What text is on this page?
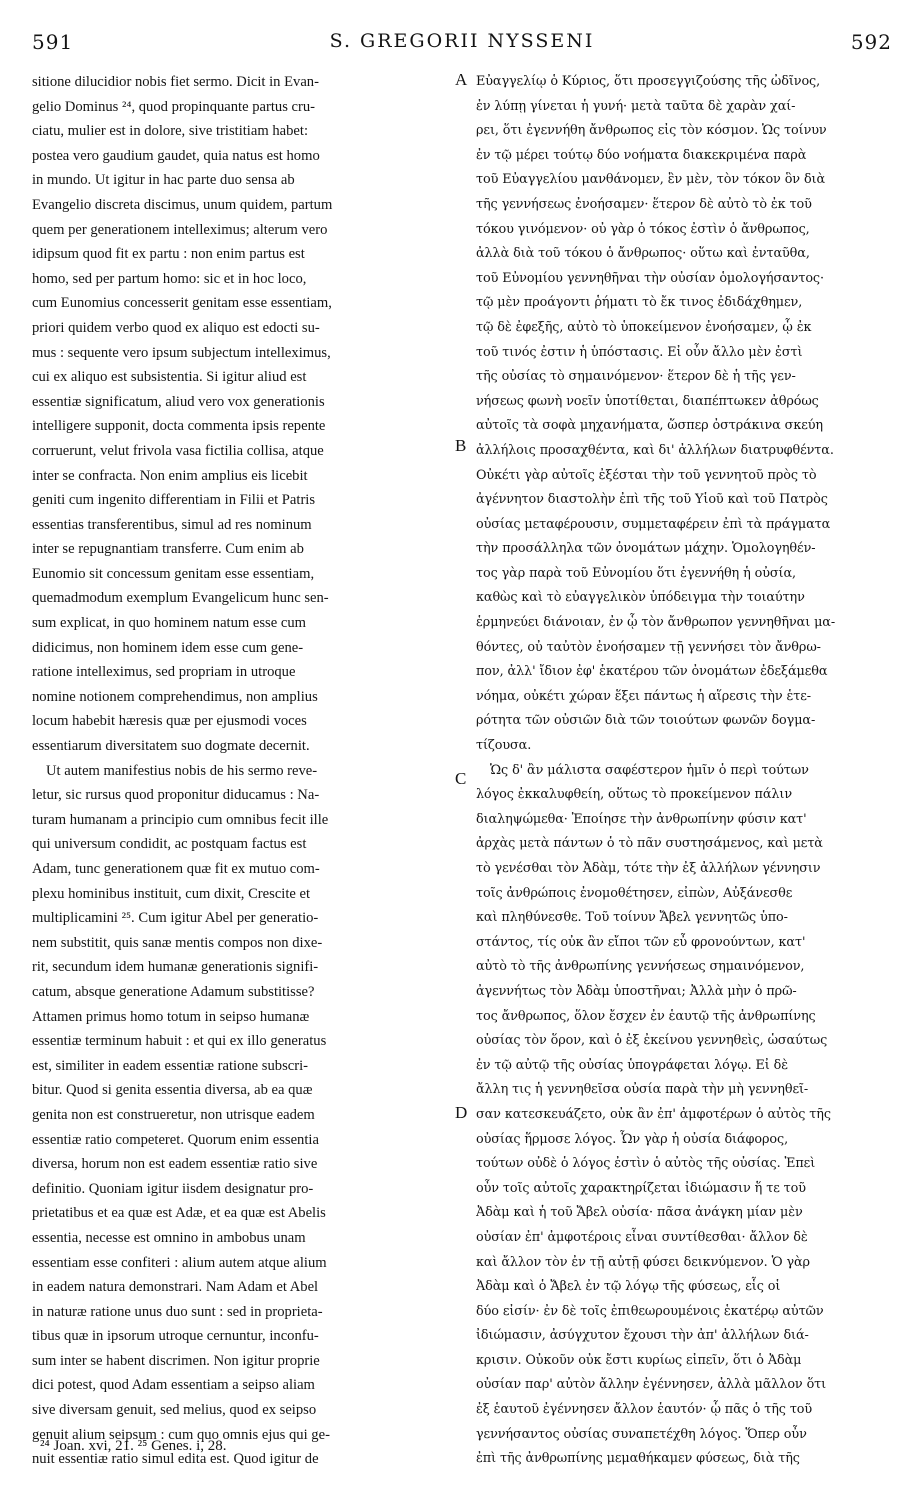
591	S. GREGORII NYSSENI	592
sitione dilucidior nobis fiet sermo. Dicit in Evan-
gelio Dominus ²⁴, quod propinquante partus cru-
ciatu, mulier est in dolore, sive tristitiam habet:
postea vero gaudium gaudet, quia natus est homo
in mundo. Ut igitur in hac parte duo sensa ab
Evangelio discreta discimus, unum quidem, partum
quem per generationem intelleximus; alterum vero
idipsum quod fit ex partu : non enim partus est
homo, sed per partum homo: sic et in hoc loco,
cum Eunomius concesserit genitam esse essentiam,
priori quidem verbo quod ex aliquo est edocti su-
mus : sequente vero ipsum subjectum intelleximus,
cui ex aliquo est subsistentia. Si igitur aliud est
essentiæ significatum, aliud vero vox generationis
intelligere supponit, docta commenta ipsis repente
corruerunt, velut frivola vasa fictilia collisa, atque
inter se confracta. Non enim amplius eis licebit
geniti cum ingenito differentiam in Filii et Patris
essentias transferentibus, simul ad res nominum
inter se repugnantiam transferre. Cum enim ab
Eunomio sit concessum genitam esse essentiam,
quemadmodum exemplum Evangelicum hunc sen-
sum explicat, in quo hominem natum esse cum
didicimus, non hominem idem esse cum gene-
ratione intelleximus, sed propriam in utroque
nomine notionem comprehendimus, non amplius
locum habebit hæresis quæ per ejusmodi voces
essentiarum diversitatem suo dogmate decernit.
Ut autem manifestius nobis de his sermo reve-
letur, sic rursus quod proponitur diducamus : Na-
turam humanam a principio cum omnibus fecit ille
qui universum condidit, ac postquam factus est
Adam, tunc generationem quæ fit ex mutuo com-
plexu hominibus instituit, cum dixit, Crescite et
multiplicamini ²⁵. Cum igitur Abel per generatio-
nem substitit, quis sanæ mentis compos non dixe-
rit, secundum idem humanæ generationis signifi-
catum, absque generatione Adamum substitisse?
Attamen primus homo totum in seipso humanæ
essentiæ terminum habuit : et qui ex illo generatus
est, similiter in eadem essentiæ ratione subscri-
bitur. Quod si genita essentia diversa, ab ea quæ
genita non est construeretur, non utrisque eadem
essentiæ ratio competeret. Quorum enim essentia
diversa, horum non est eadem essentiæ ratio sive
definitio. Quoniam igitur iisdem designatur pro-
prietatibus et ea quæ est Adæ, et ea quæ est Abelis
essentia, necesse est omnino in ambobus unam
essentiam esse confiteri : alium autem atque alium
in eadem natura demonstrari. Nam Adam et Abel
in naturæ ratione unus duo sunt : sed in proprieta-
tibus quæ in ipsorum utroque cernuntur, inconfu-
sum inter se habent discrimen. Non igitur proprie
dici potest, quod Adam essentiam a seipso aliam
sive diversam genuit, sed melius, quod ex seipso
genuit alium seipsum : cum quo omnis ejus qui ge-
nuit essentiæ ratio simul edita est. Quod igitur de
Εὐαγγελίῳ ὁ Κύριος, ὅτι προσεγγιζούσης τῆς ὠδῖνος,
ἐν λύπῃ γίνεται ἡ γυνή· μετὰ ταῦτα δὲ χαρὰν χαί-
ρει, ὅτι ἐγεννήθη ἄνθρωπος εἰς τὸν κόσμον. Ὡς τοίνυν
ἐν τῷ μέρει τούτῳ δύο νοήματα διακεκριμένα παρὰ
τοῦ Εὐαγγελίου μανθάνομεν, ἓν μὲν, τὸν τόκον ὃν διὰ
τῆς γεννήσεως ἐνοήσαμεν· ἕτερον δὲ αὐτὸ τὸ ἐκ τοῦ
τόκου γινόμενον· οὐ γὰρ ὁ τόκος ἐστὶν ὁ ἄνθρωπος,
ἀλλὰ διὰ τοῦ τόκου ὁ ἄνθρωπος· οὕτω καὶ ἐνταῦθα,
τοῦ Εὐνομίου γεννηθῆναι τὴν οὐσίαν ὁμολογήσαντος·
τῷ μὲν προάγοντι ῥήματι τὸ ἔκ τινος ἐδιδάχθημεν,
τῷ δὲ ἐφεξῆς, αὐτὸ τὸ ὑποκείμενον ἐνοήσαμεν, ᾧ ἐκ
τοῦ τινός ἐστιν ἡ ὑπόστασις. Εἰ οὖν ἄλλο μὲν ἐστὶ
τῆς οὐσίας τὸ σημαινόμενον· ἕτερον δὲ ἡ τῆς γεν-
νήσεως φωνὴ νοεῖν ὑποτίθεται, διαπέπτωκεν ἀθρόως
αὐτοῖς τὰ σοφὰ μηχανήματα, ὥσπερ ὀστράκινα σκεύη
ἀλλήλοις προσαχθέντα, καὶ δι' ἀλλήλων διατρυφθέντα.
Οὐκέτι γὰρ αὐτοῖς ἐξέσται τὴν τοῦ γεννητοῦ πρὸς τὸ
ἀγέννητον διαστολὴν ἐπὶ τῆς τοῦ Υἱοῦ καὶ τοῦ Πατρὸς
οὐσίας μεταφέρουσιν, συμμεταφέρειν ἐπὶ τὰ πράγματα
τὴν προσάλληλα τῶν ὀνομάτων μάχην. Ὁμολογηθέν-
τος γὰρ παρὰ τοῦ Εὐνομίου ὅτι ἐγεννήθη ἡ οὐσία,
καθὼς καὶ τὸ εὐαγγελικὸν ὑπόδειγμα τὴν τοιαύτην
ἑρμηνεύει διάνοιαν, ἐν ᾧ τὸν ἄνθρωπον γεννηθῆναι μα-
θόντες, οὐ ταὐτὸν ἐνοήσαμεν τῇ γεννήσει τὸν ἄνθρω-
πον, ἀλλ' ἴδιον ἐφ' ἑκατέρου τῶν ὀνομάτων ἐδεξάμεθα
νόημα, οὐκέτι χώραν ἕξει πάντως ἡ αἵρεσις τὴν ἑτε-
ρότητα τῶν οὐσιῶν διὰ τῶν τοιούτων φωνῶν δογμα-
τίζουσα.
Ὡς δ' ἂν μάλιστα σαφέστερον ἡμῖν ὁ περὶ τούτων
λόγος ἐκκαλυφθείη, οὕτως τὸ προκείμενον πάλιν
διαληψώμεθα· Ἐποίησε τὴν ἀνθρωπίνην φύσιν κατ'
ἀρχὰς μετὰ πάντων ὁ τὸ πᾶν συστησάμενος, καὶ μετὰ
τὸ γενέσθαι τὸν Ἀδὰμ, τότε τὴν ἐξ ἀλλήλων γέννησιν
τοῖς ἀνθρώποις ἐνομοθέτησεν, εἰπὼν, Αὐξάνεσθε
καὶ πληθύνεσθε. Τοῦ τοίνυν Ἄβελ γεννητῶς ὑπο-
στάντος, τίς οὐκ ἂν εἴποι τῶν εὖ φρονούντων, κατ'
αὐτὸ τὸ τῆς ἀνθρωπίνης γεννήσεως σημαινόμενον,
ἀγεννήτως τὸν Ἀδὰμ ὑποστῆναι; Ἀλλὰ μὴν ὁ πρῶ-
τος ἄνθρωπος, ὅλον ἔσχεν ἐν ἑαυτῷ τῆς ἀνθρωπίνης
οὐσίας τὸν ὅρον, καὶ ὁ ἐξ ἐκείνου γεννηθεὶς, ὡσαύτως
ἐν τῷ αὐτῷ τῆς οὐσίας ὑπογράφεται λόγῳ. Εἰ δὲ
ἄλλη τις ἡ γεννηθεῖσα οὐσία παρὰ τὴν μὴ γεννηθεῖ-
σαν κατεσκευάζετο, οὐκ ἂν ἐπ' ἀμφοτέρων ὁ αὐτὸς τῆς
οὐσίας ἥρμοσε λόγος. Ὧν γὰρ ἡ οὐσία διάφορος,
τούτων οὐδὲ ὁ λόγος ἐστὶν ὁ αὐτὸς τῆς οὐσίας. Ἐπεὶ
οὖν τοῖς αὐτοῖς χαρακτηρίζεται ἰδιώμασιν ἥ τε τοῦ
Ἀδὰμ καὶ ἡ τοῦ Ἄβελ οὐσία· πᾶσα ἀνάγκη μίαν μὲν
οὐσίαν ἐπ' ἀμφοτέροις εἶναι συντίθεσθαι· ἄλλον δὲ
καὶ ἄλλον τὸν ἐν τῇ αὐτῇ φύσει δεικνύμενον. Ὁ γὰρ
Ἀδὰμ καὶ ὁ Ἄβελ ἐν τῷ λόγῳ τῆς φύσεως, εἷς οἱ
δύο εἰσίν· ἐν δὲ τοῖς ἐπιθεωρουμένοις ἑκατέρῳ αὐτῶν
ἰδιώμασιν, ἀσύγχυτον ἔχουσι τὴν ἀπ' ἀλλήλων διά-
κρισιν. Οὐκοῦν οὐκ ἔστι κυρίως εἰπεῖν, ὅτι ὁ Ἀδὰμ
οὐσίαν παρ' αὐτὸν ἄλλην ἐγέννησεν, ἀλλὰ μᾶλλον ὅτι
ἐξ ἑαυτοῦ ἐγέννησεν ἄλλον ἑαυτόν· ᾧ πᾶς ὁ τῆς τοῦ
γεννήσαντος οὐσίας συναπετέχθη λόγος. Ὅπερ οὖν
ἐπὶ τῆς ἀνθρωπίνης μεμαθήκαμεν φύσεως, διὰ τῆς
A
B
C
D
²⁴ Joan. xvi, 21. ²⁵ Genes. i, 28.
